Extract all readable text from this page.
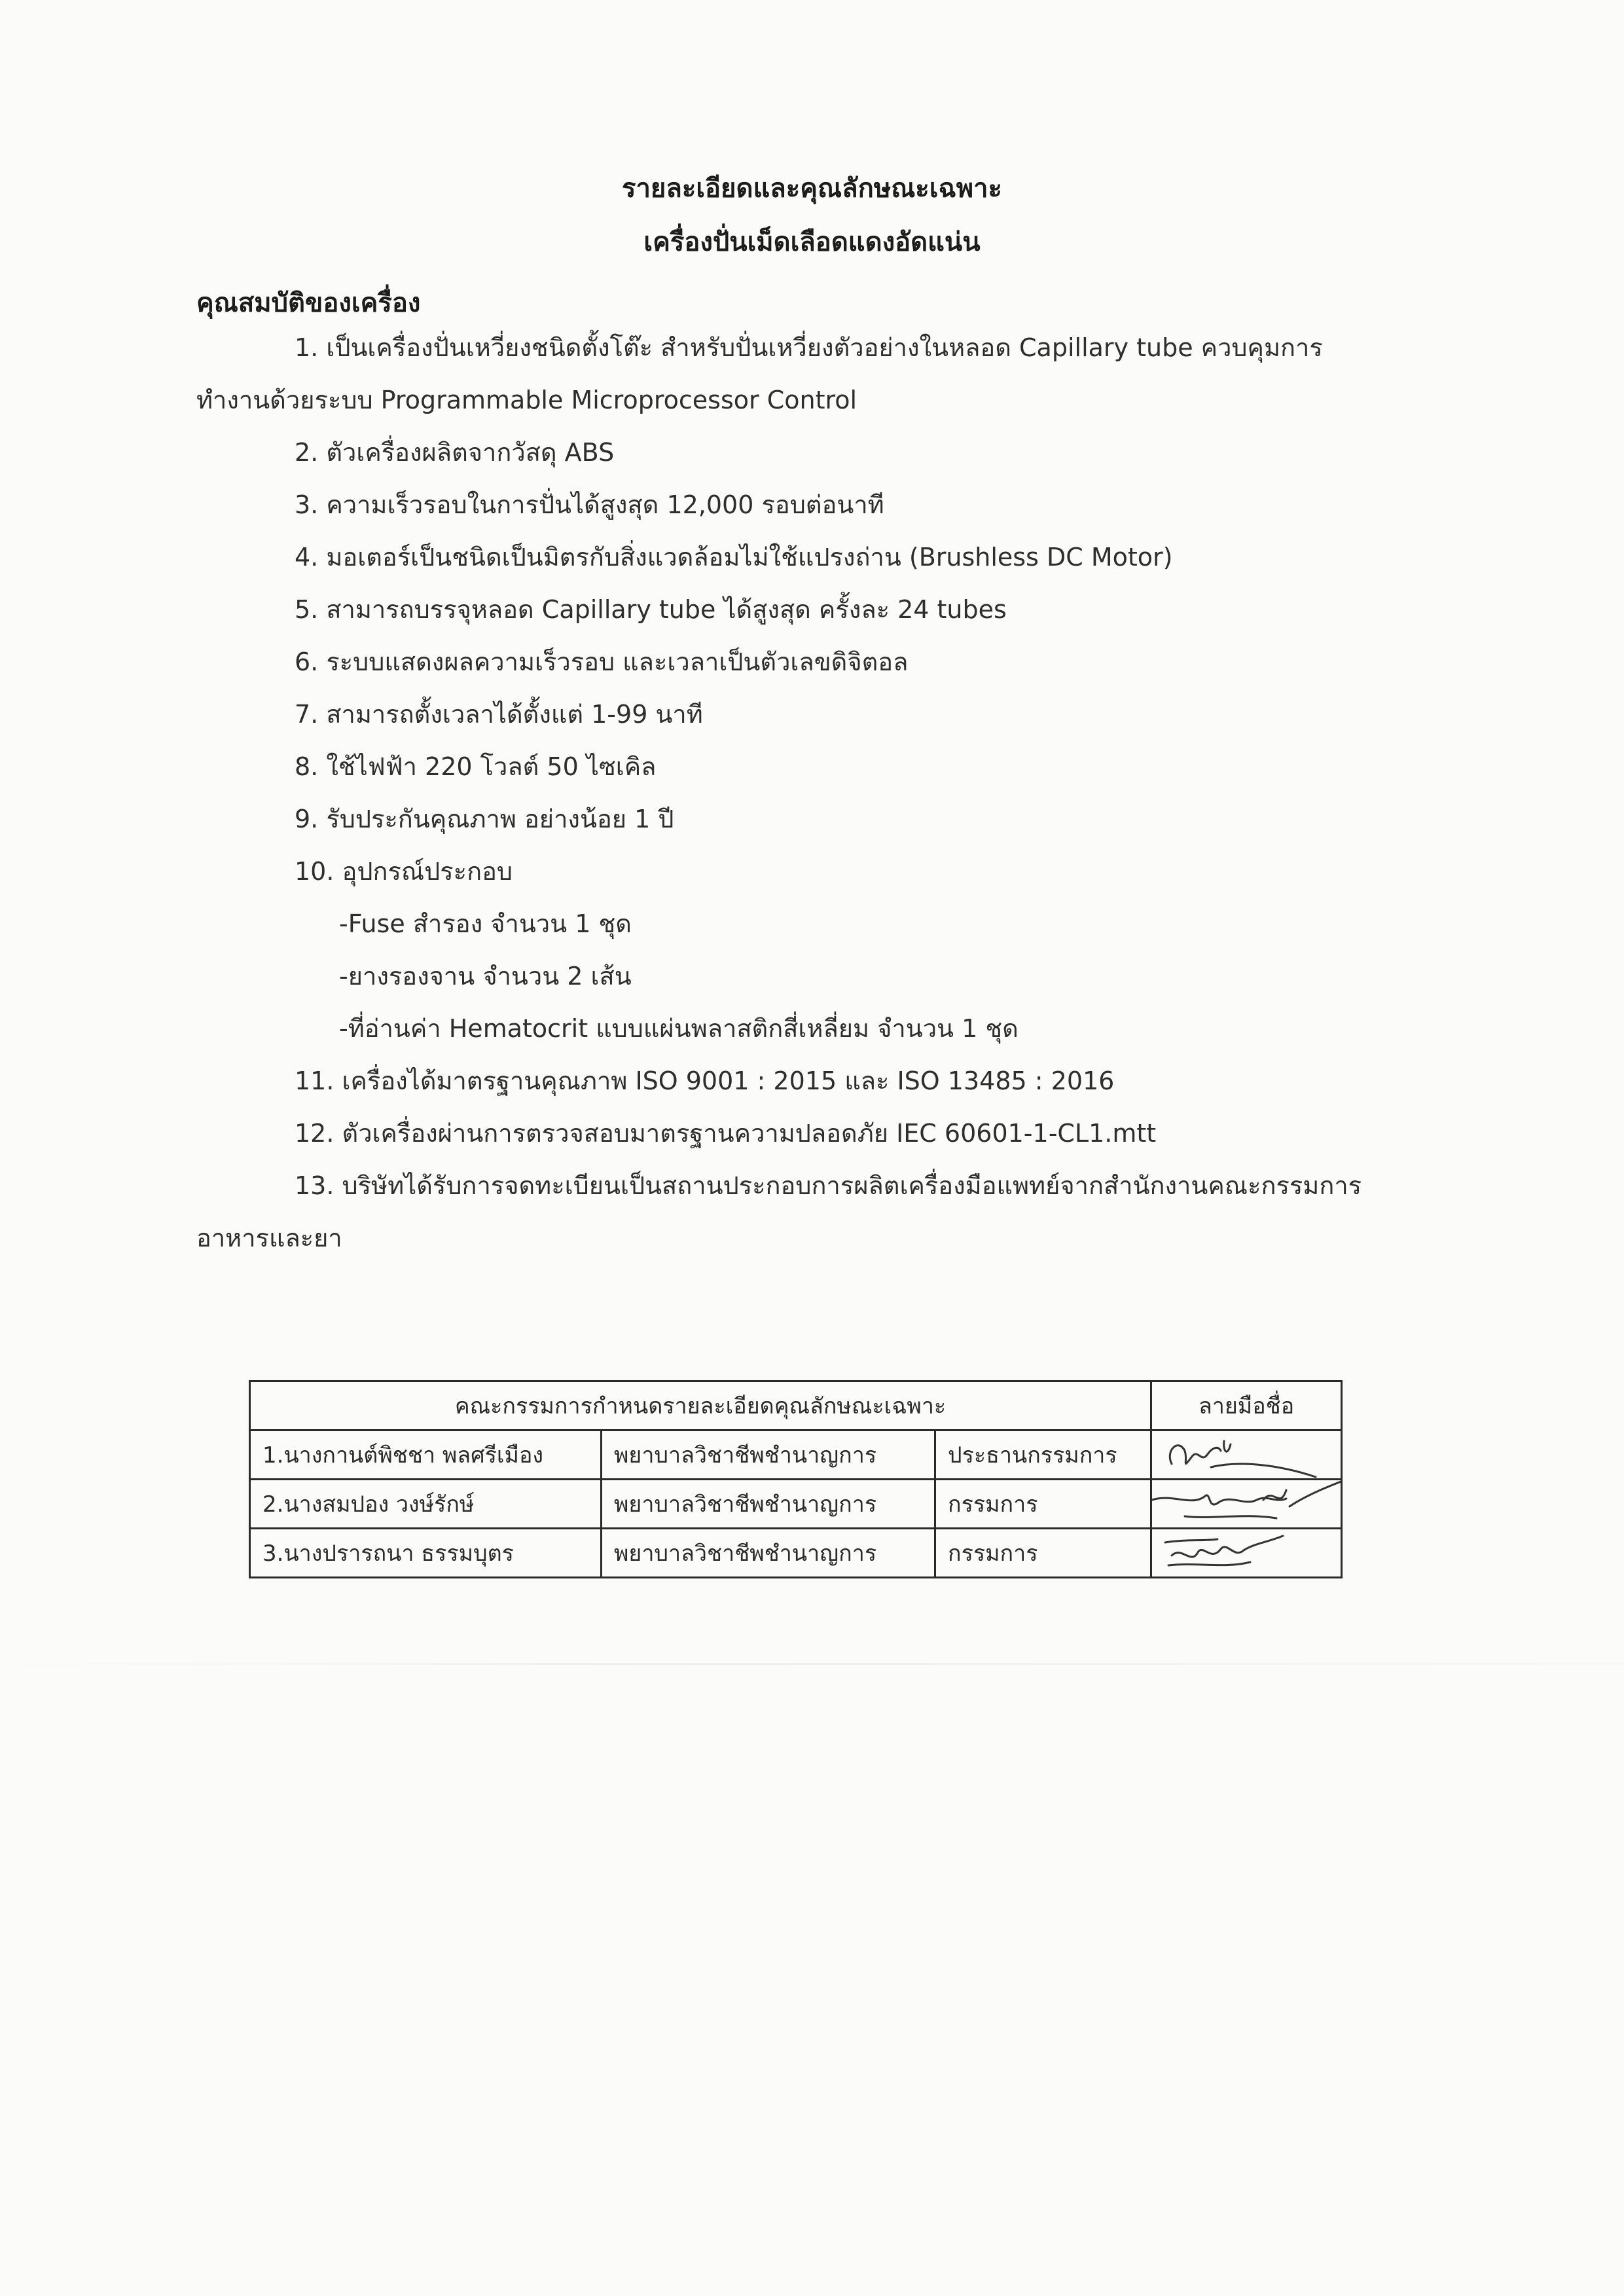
รายละเอียดและคุณลักษณะเฉพาะ
เครื่องปั่นเม็ดเลือดแดงอัดแน่น
คุณสมบัติของเครื่อง
1. เป็นเครื่องปั่นเหวี่ยงชนิดตั้งโต๊ะ สำหรับปั่นเหวี่ยงตัวอย่างในหลอด Capillary tube ควบคุมการ
ทำงานด้วยระบบ Programmable Microprocessor Control
2. ตัวเครื่องผลิตจากวัสดุ ABS
3. ความเร็วรอบในการปั่นได้สูงสุด 12,000 รอบต่อนาที
4. มอเตอร์เป็นชนิดเป็นมิตรกับสิ่งแวดล้อมไม่ใช้แปรงถ่าน (Brushless DC Motor)
5. สามารถบรรจุหลอด Capillary tube ได้สูงสุด ครั้งละ 24 tubes
6. ระบบแสดงผลความเร็วรอบ และเวลาเป็นตัวเลขดิจิตอล
7. สามารถตั้งเวลาได้ตั้งแต่ 1-99 นาที
8. ใช้ไฟฟ้า 220 โวลต์ 50 ไซเคิล
9. รับประกันคุณภาพ อย่างน้อย 1 ปี
10. อุปกรณ์ประกอบ
-Fuse สำรอง จำนวน 1 ชุด
-ยางรองจาน จำนวน 2 เส้น
-ที่อ่านค่า Hematocrit แบบแผ่นพลาสติกสี่เหลี่ยม จำนวน 1 ชุด
11. เครื่องได้มาตรฐานคุณภาพ ISO 9001 : 2015 และ ISO 13485 : 2016
12. ตัวเครื่องผ่านการตรวจสอบมาตรฐานความปลอดภัย IEC 60601-1-CL1.mtt
13. บริษัทได้รับการจดทะเบียนเป็นสถานประกอบการผลิตเครื่องมือแพทย์จากสำนักงานคณะกรรมการ
อาหารและยา
คณะกรรมการกำหนดรายละเอียดคุณลักษณะเฉพาะ			ลายมือชื่อ
1.นางกานต์พิชชา พลศรีเมือง	พยาบาลวิชาชีพชำนาญการ	ประธานกรรมการ	

2.นางสมปอง วงษ์รักษ์	พยาบาลวิชาชีพชำนาญการ	กรรมการ	

3.นางปรารถนา ธรรมบุตร	พยาบาลวิชาชีพชำนาญการ	กรรมการ	
